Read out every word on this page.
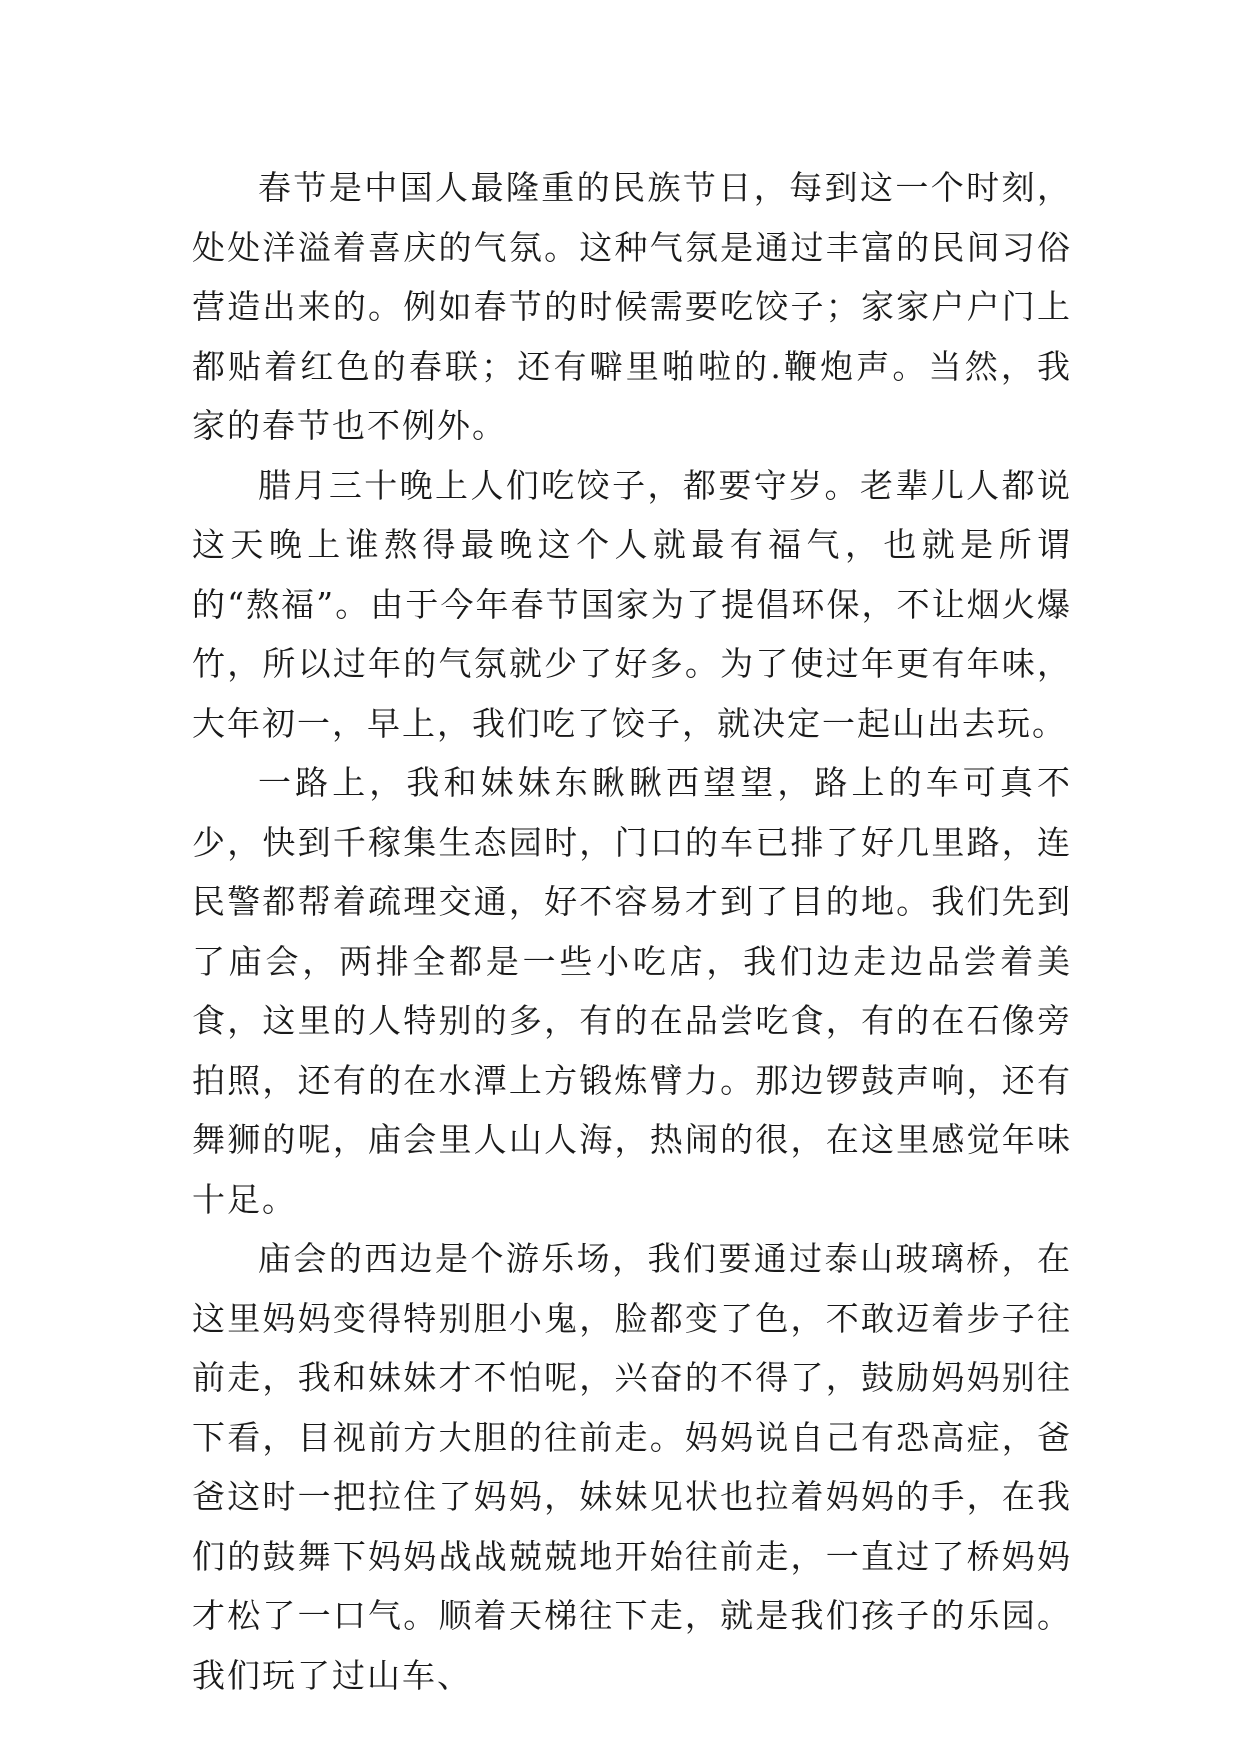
春节是中国人最隆重的民族节日，每到这一个时刻，处处洋溢着喜庆的气氛。这种气氛是通过丰富的民间习俗营造出来的。例如春节的时候需要吃饺子；家家户户门上都贴着红色的春联；还有噼里啪啦的.鞭炮声。当然，我家的春节也不例外。

腊月三十晚上人们吃饺子，都要守岁。老辈儿人都说这天晚上谁熬得最晚这个人就最有福气，也就是所谓的“熬福”。由于今年春节国家为了提倡环保，不让烟火爆竹，所以过年的气氛就少了好多。为了使过年更有年味，大年初一，早上，我们吃了饺子，就决定一起山出去玩。

一路上，我和妹妹东瞅瞅西望望，路上的车可真不少，快到千稼集生态园时，门口的车已排了好几里路，连民警都帮着疏理交通，好不容易才到了目的地。我们先到了庙会，两排全都是一些小吃店，我们边走边品尝着美食，这里的人特别的多，有的在品尝吃食，有的在石像旁拍照，还有的在水潭上方锻炼臂力。那边锣鼓声响，还有舞狮的呢，庙会里人山人海，热闹的很，在这里感觉年味十足。

庙会的西边是个游乐场，我们要通过泰山玻璃桥，在这里妈妈变得特别胆小鬼，脸都变了色，不敢迈着步子往前走，我和妹妹才不怕呢，兴奋的不得了，鼓励妈妈别往下看，目视前方大胆的往前走。妈妈说自己有恐高症，爸爸这时一把拉住了妈妈，妹妹见状也拉着妈妈的手，在我们的鼓舞下妈妈战战兢兢地开始往前走，一直过了桥妈妈才松了一口气。顺着天梯往下走，就是我们孩子的乐园。我们玩了过山车、
